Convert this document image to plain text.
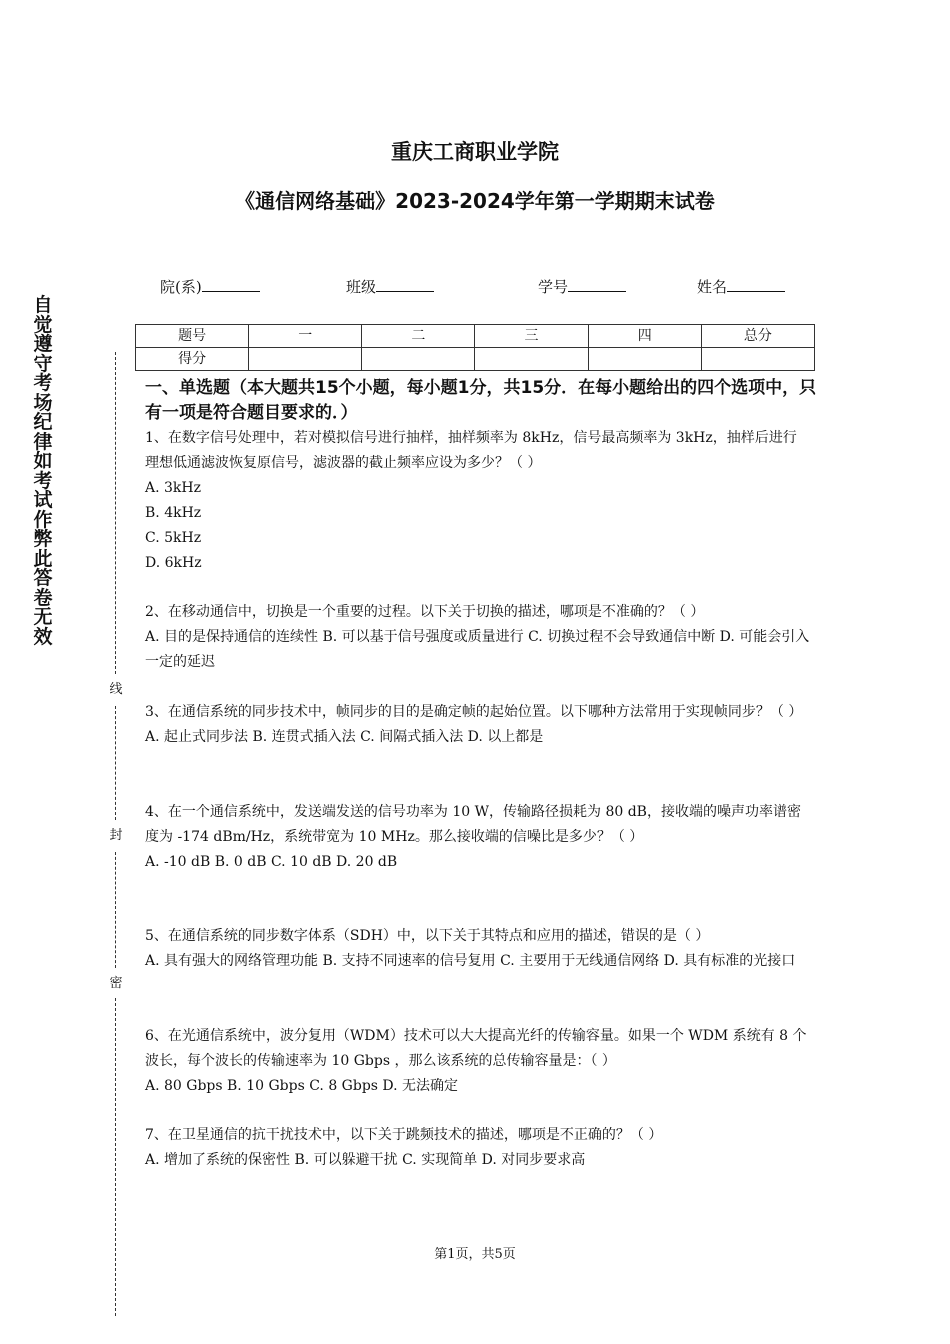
重庆工商职业学院
《通信网络基础》2023-2024学年第一学期期末试卷
院(系)	班级	学号	姓名
题号	一	二	三	四	总分
得分					
自
觉
遵
守
考
场
纪
律
如
考
试
作
弊
此
答
卷
无
效
线
封
密
一、单选题（本大题共15个小题，每小题1分，共15分．在每小题给出的四个选项中，只有一项是符合题目要求的．）

1、在数字信号处理中，若对模拟信号进行抽样，抽样频率为 8kHz，信号最高频率为 3kHz，抽样后进行理想低通滤波恢复原信号，滤波器的截止频率应设为多少？（ ）

A. 3kHz

B. 4kHz

C. 5kHz

D. 6kHz

2、在移动通信中，切换是一个重要的过程。以下关于切换的描述，哪项是不准确的？（ ）

A. 目的是保持通信的连续性 B. 可以基于信号强度或质量进行 C. 切换过程不会导致通信中断 D. 可能会引入一定的延迟

3、在通信系统的同步技术中，帧同步的目的是确定帧的起始位置。以下哪种方法常用于实现帧同步？（ ）

A. 起止式同步法 B. 连贯式插入法 C. 间隔式插入法 D. 以上都是

4、在一个通信系统中，发送端发送的信号功率为 10 W，传输路径损耗为 80 dB，接收端的噪声功率谱密度为 -174 dBm/Hz，系统带宽为 10 MHz。那么接收端的信噪比是多少？（ ）

A. -10 dB B. 0 dB C. 10 dB D. 20 dB

5、在通信系统的同步数字体系（SDH）中，以下关于其特点和应用的描述，错误的是（ ）

A. 具有强大的网络管理功能 B. 支持不同速率的信号复用 C. 主要用于无线通信网络 D. 具有标准的光接口

6、在光通信系统中，波分复用（WDM）技术可以大大提高光纤的传输容量。如果一个 WDM 系统有 8 个波长，每个波长的传输速率为 10 Gbps ，那么该系统的总传输容量是：（ ）

A. 80 Gbps B. 10 Gbps C. 8 Gbps D. 无法确定

7、在卫星通信的抗干扰技术中，以下关于跳频技术的描述，哪项是不正确的？（ ）

A. 增加了系统的保密性 B. 可以躲避干扰 C. 实现简单 D. 对同步要求高

第1页，共5页
